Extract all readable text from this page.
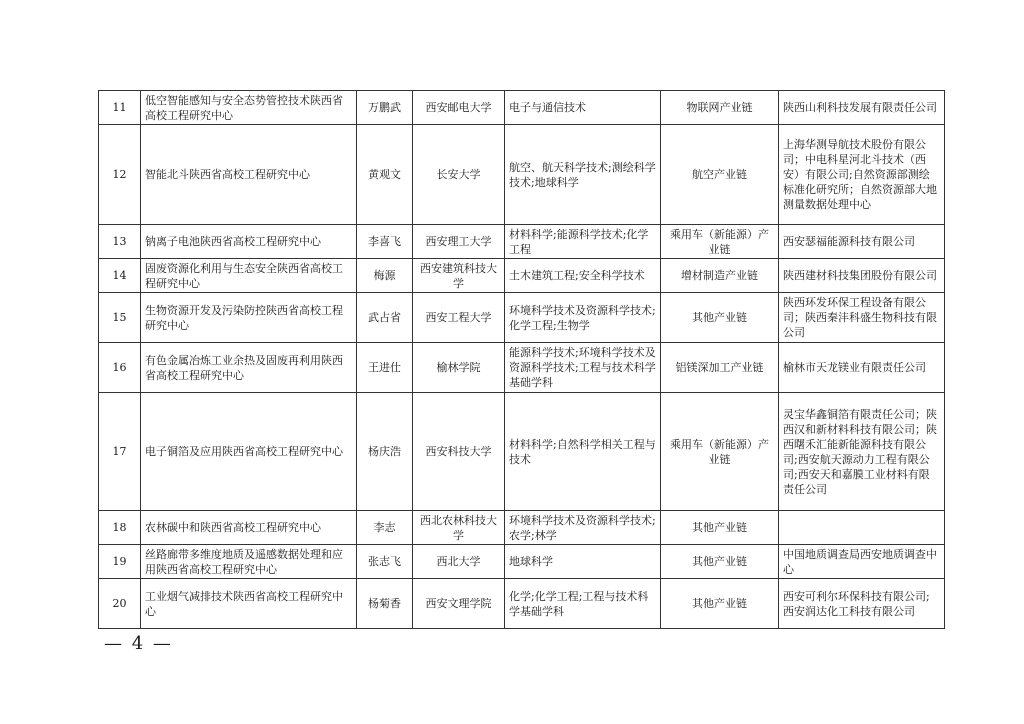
11	低空智能感知与安全态势管控技术陕西省高校工程研究中心	万鹏武	西安邮电大学	电子与通信技术	物联网产业链	陕西山利科技发展有限责任公司
12	智能北斗陕西省高校工程研究中心	黄观文	长安大学	航空、航天科学技术;测绘科学技术;地球科学	航空产业链	上海华测导航技术股份有限公司；中电科星河北斗技术（西安）有限公司;自然资源部测绘标准化研究所；自然资源部大地测量数据处理中心
13	钠离子电池陕西省高校工程研究中心	李喜飞	西安理工大学	材料科学;能源科学技术;化学工程	乘用车（新能源）产业链	西安瑟福能源科技有限公司
14	固废资源化利用与生态安全陕西省高校工程研究中心	梅源	西安建筑科技大学	土木建筑工程;安全科学技术	增材制造产业链	陕西建材科技集团股份有限公司
15	生物资源开发及污染防控陕西省高校工程研究中心	武占省	西安工程大学	环境科学技术及资源科学技术;化学工程;生物学	其他产业链	陕西环发环保工程设备有限公司；陕西秦沣科盛生物科技有限公司
16	有色金属冶炼工业余热及固废再利用陕西省高校工程研究中心	王进仕	榆林学院	能源科学技术;环境科学技术及资源科学技术;工程与技术科学基础学科	铝镁深加工产业链	榆林市天龙镁业有限责任公司
17	电子铜箔及应用陕西省高校工程研究中心	杨庆浩	西安科技大学	材料科学;自然科学相关工程与技术	乘用车（新能源）产业链	灵宝华鑫铜箔有限责任公司；陕西汉和新材料科技有限公司；陕西曙禾汇能新能源科技有限公司;西安航天源动力工程有限公司;西安天和嘉膜工业材料有限责任公司
18	农林碳中和陕西省高校工程研究中心	李志	西北农林科技大学	环境科学技术及资源科学技术;农学;林学	其他产业链	
19	丝路廊带多维度地质及遥感数据处理和应用陕西省高校工程研究中心	张志飞	西北大学	地球科学	其他产业链	中国地质调查局西安地质调查中心
20	工业烟气减排技术陕西省高校工程研究中心	杨菊香	西安文理学院	化学;化学工程;工程与技术科学基础学科	其他产业链	西安可利尔环保科技有限公司;西安润达化工科技有限公司
— 4 —
